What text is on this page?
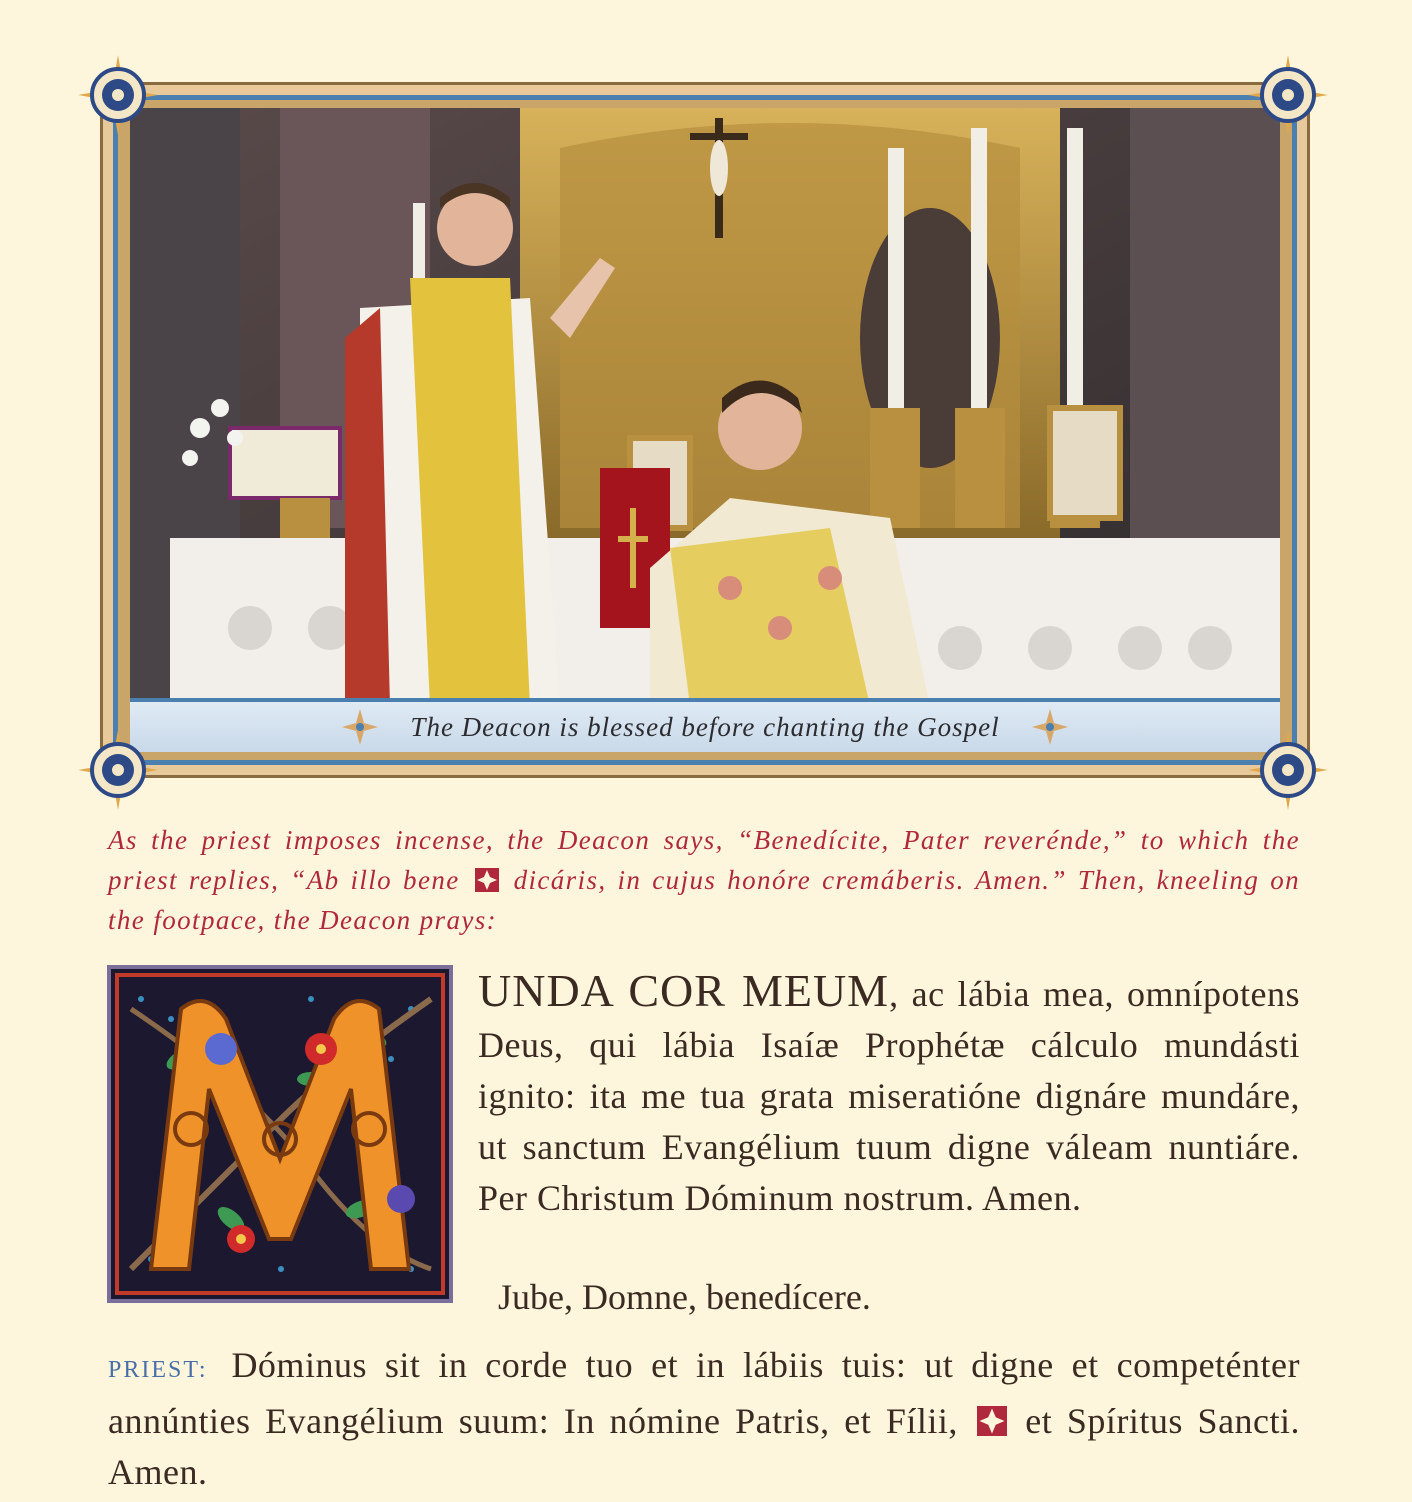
The Deacon is blessed before chanting the Gospel
As the priest imposes incense, the Deacon says, “Benedícite, Pater reverénde,” to which the priest replies, “Ab illo bene dicáris, in cujus honóre cremáberis. Amen.” Then, kneeling on the footpace, the Deacon prays:
UNDA COR MEUM, ac lábia mea, omnípotens Deus, qui lábia Isaíæ Prophétæ cálculo mundásti ignito: ita me tua grata miseratióne dignáre mundáre, ut sanctum Evangélium tuum digne váleam nuntiáre. Per Christum Dóminum nostrum. Amen.
Jube, Domne, benedícere.
PRIEST: Dóminus sit in corde tuo et in lábiis tuis: ut digne et competénter annúnties Evangélium suum: In nómine Patris, et Fílii, et Spíritus Sancti. Amen.
